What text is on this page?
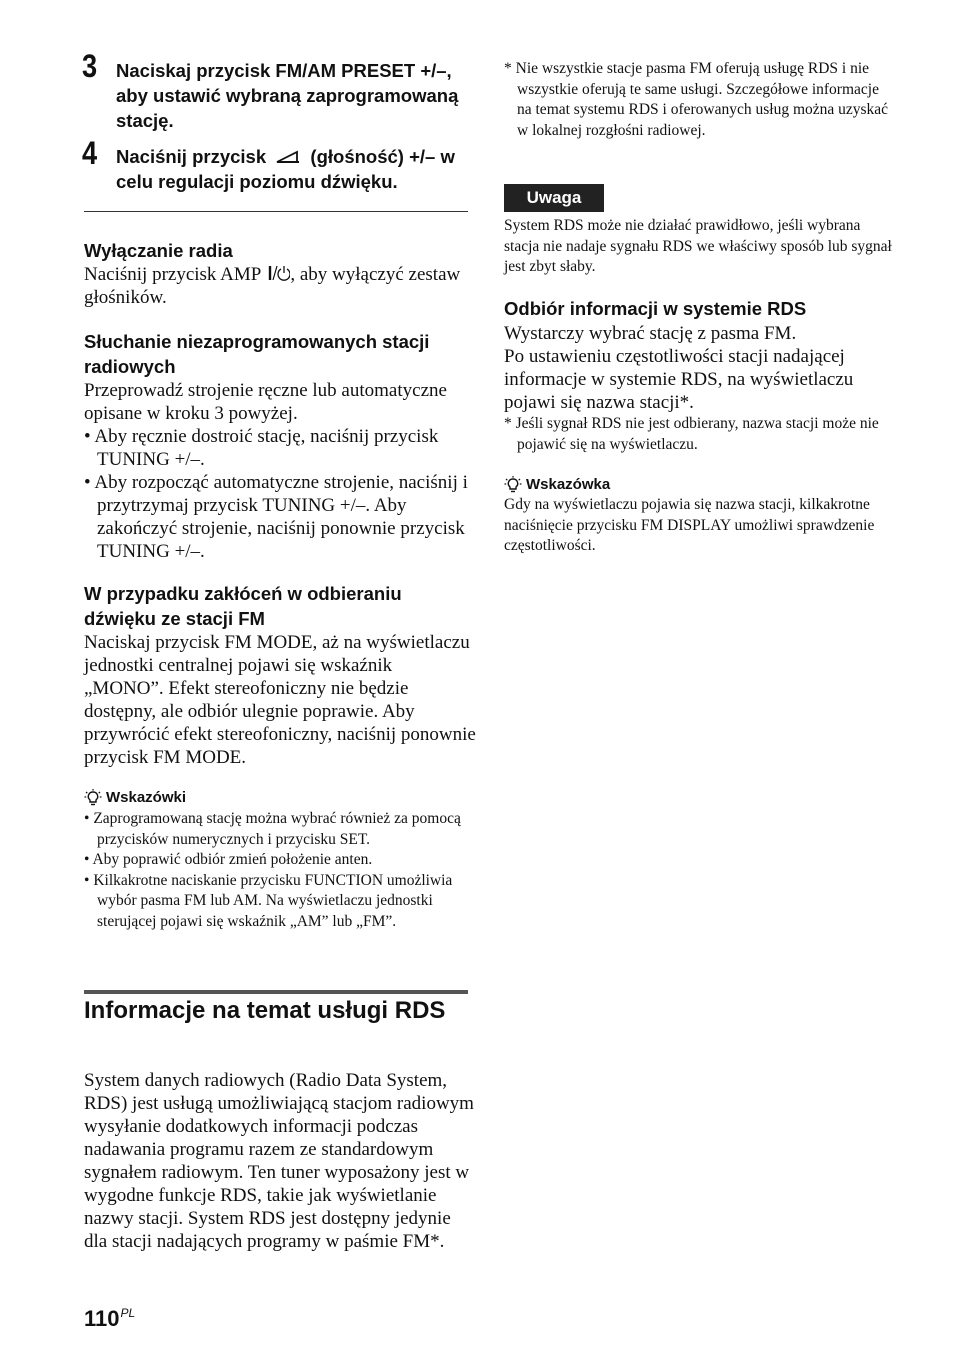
3 Naciskaj przycisk FM/AM PRESET +/–, aby ustawić wybraną zaprogramowaną stację.
4 Naciśnij przycisk (głośność) +/– w celu regulacji poziomu dźwięku.
Wyłączanie radia
Naciśnij przycisk AMP , aby wyłączyć zestaw głośników.
Słuchanie niezaprogramowanych stacji radiowych

Przeprowadź strojenie ręczne lub automatyczne opisane w kroku 3 powyżej.

• Aby ręcznie dostroić stację, naciśnij przycisk TUNING +/–.

• Aby rozpocząć automatyczne strojenie, naciśnij i przytrzymaj przycisk TUNING +/–. Aby zakończyć strojenie, naciśnij ponownie przycisk TUNING +/–.

W przypadku zakłóceń w odbieraniu dźwięku ze stacji FM
Naciskaj przycisk FM MODE, aż na wyświetlaczu jednostki centralnej pojawi się wskaźnik „MONO”. Efekt stereofoniczny nie będzie dostępny, ale odbiór ulegnie poprawie. Aby przywrócić efekt stereofoniczny, naciśnij ponownie przycisk FM MODE.
Wskazówki

• Zaprogramowaną stację można wybrać również za pomocą przycisków numerycznych i przycisku SET.

• Aby poprawić odbiór zmień położenie anten.

• Kilkakrotne naciskanie przycisku FUNCTION umożliwia wybór pasma FM lub AM. Na wyświetlaczu jednostki sterującej pojawi się wskaźnik „AM” lub „FM”.

Informacje na temat usługi RDS
System danych radiowych (Radio Data System, RDS) jest usługą umożliwiającą stacjom radiowym wysyłanie dodatkowych informacji podczas nadawania programu razem ze standardowym sygnałem radiowym. Ten tuner wyposażony jest w wygodne funkcje RDS, takie jak wyświetlanie nazwy stacji. System RDS jest dostępny jedynie dla stacji nadających programy w paśmie FM*.
$110^{PL}$

* Nie wszystkie stacje pasma FM oferują usługę RDS i nie wszystkie oferują te same usługi. Szczegółowe informacje na temat systemu RDS i oferowanych usług można uzyskać w lokalnej rozgłośni radiowej.

Uwaga
System RDS może nie działać prawidłowo, jeśli wybrana stacja nie nadaje sygnału RDS we właściwy sposób lub sygnał jest zbyt słaby.
Odbiór informacji w systemie RDS

Wystarczy wybrać stację z pasma FM.

Po ustawieniu częstotliwości stacji nadającej informacje w systemie RDS, na wyświetlaczu pojawi się nazwa stacji*.

* Jeśli sygnał RDS nie jest odbierany, nazwa stacji może nie pojawić się na wyświetlaczu.

Wskazówka
Gdy na wyświetlaczu pojawia się nazwa stacji, kilkakrotne naciśnięcie przycisku FM DISPLAY umożliwi sprawdzenie częstotliwości.
